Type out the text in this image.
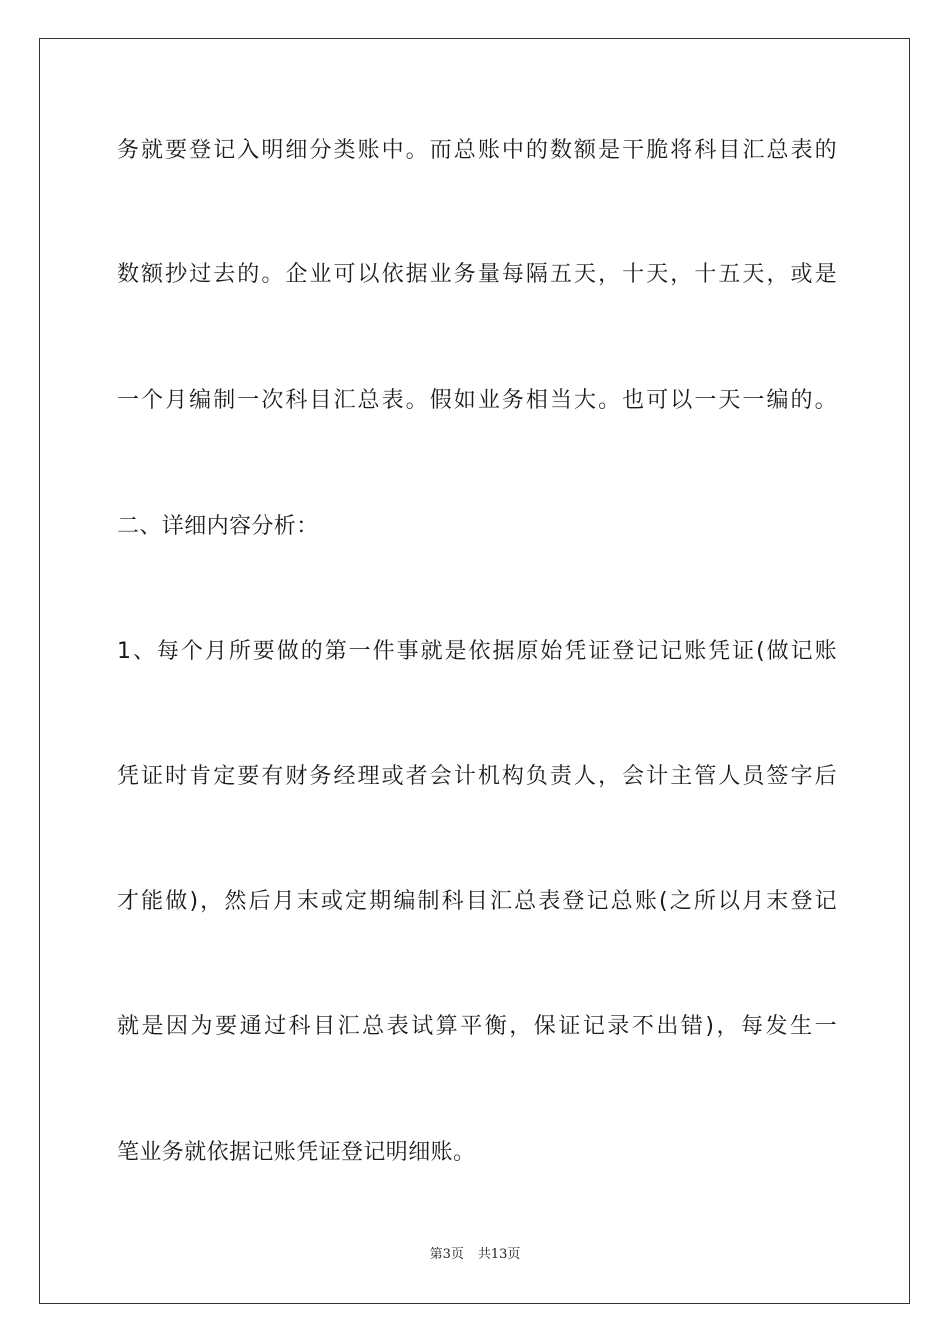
务就要登记入明细分类账中。而总账中的数额是干脆将科目汇总表的
数额抄过去的。企业可以依据业务量每隔五天，十天，十五天，或是
一个月编制一次科目汇总表。假如业务相当大。也可以一天一编的。
二、详细内容分析：
1、每个月所要做的第一件事就是依据原始凭证登记记账凭证(做记账
凭证时肯定要有财务经理或者会计机构负责人，会计主管人员签字后
才能做)，然后月末或定期编制科目汇总表登记总账(之所以月末登记
就是因为要通过科目汇总表试算平衡，保证记录不出错)，每发生一
笔业务就依据记账凭证登记明细账。
第3页 共13页
